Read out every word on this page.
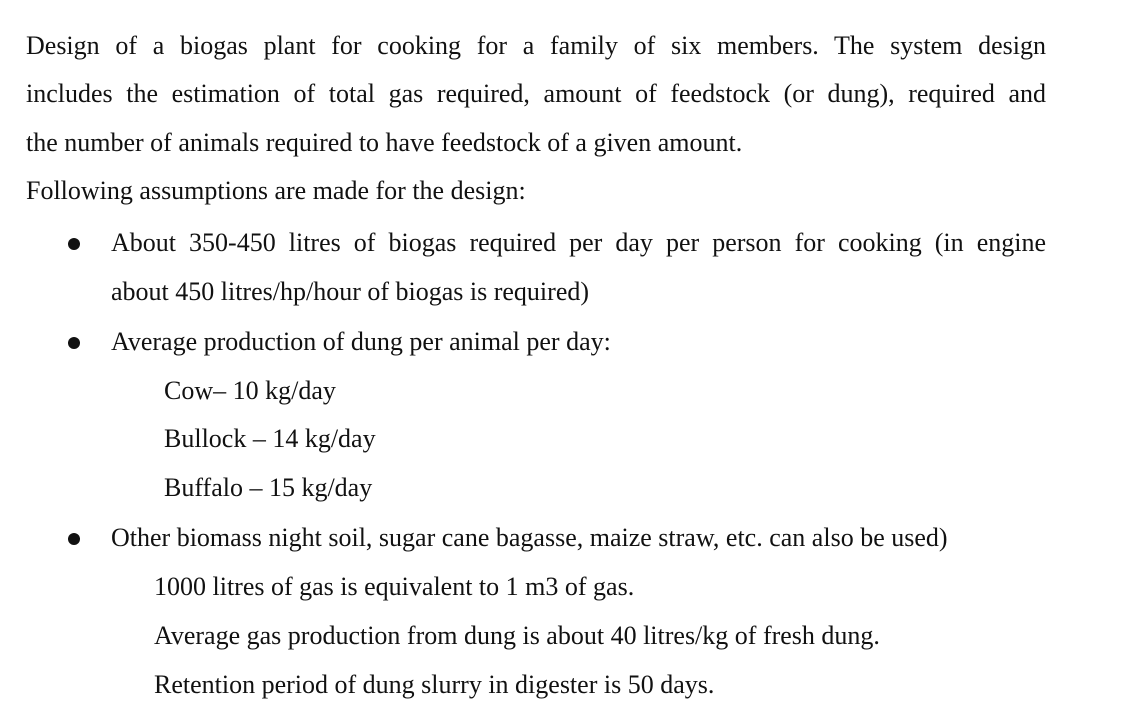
Design of a biogas plant for cooking for a family of six members. The system design
includes the estimation of total gas required, amount of feedstock (or dung), required and
the number of animals required to have feedstock of a given amount.
Following assumptions are made for the design:
About 350-450 litres of biogas required per day per person for cooking (in engine
about 450 litres/hp/hour of biogas is required)
Average production of dung per animal per day:
Cow– 10 kg/day
Bullock – 14 kg/day
Buffalo – 15 kg/day
Other biomass night soil, sugar cane bagasse, maize straw, etc. can also be used)
1000 litres of gas is equivalent to 1 m3 of gas.
Average gas production from dung is about 40 litres/kg of fresh dung.
Retention period of dung slurry in digester is 50 days.
